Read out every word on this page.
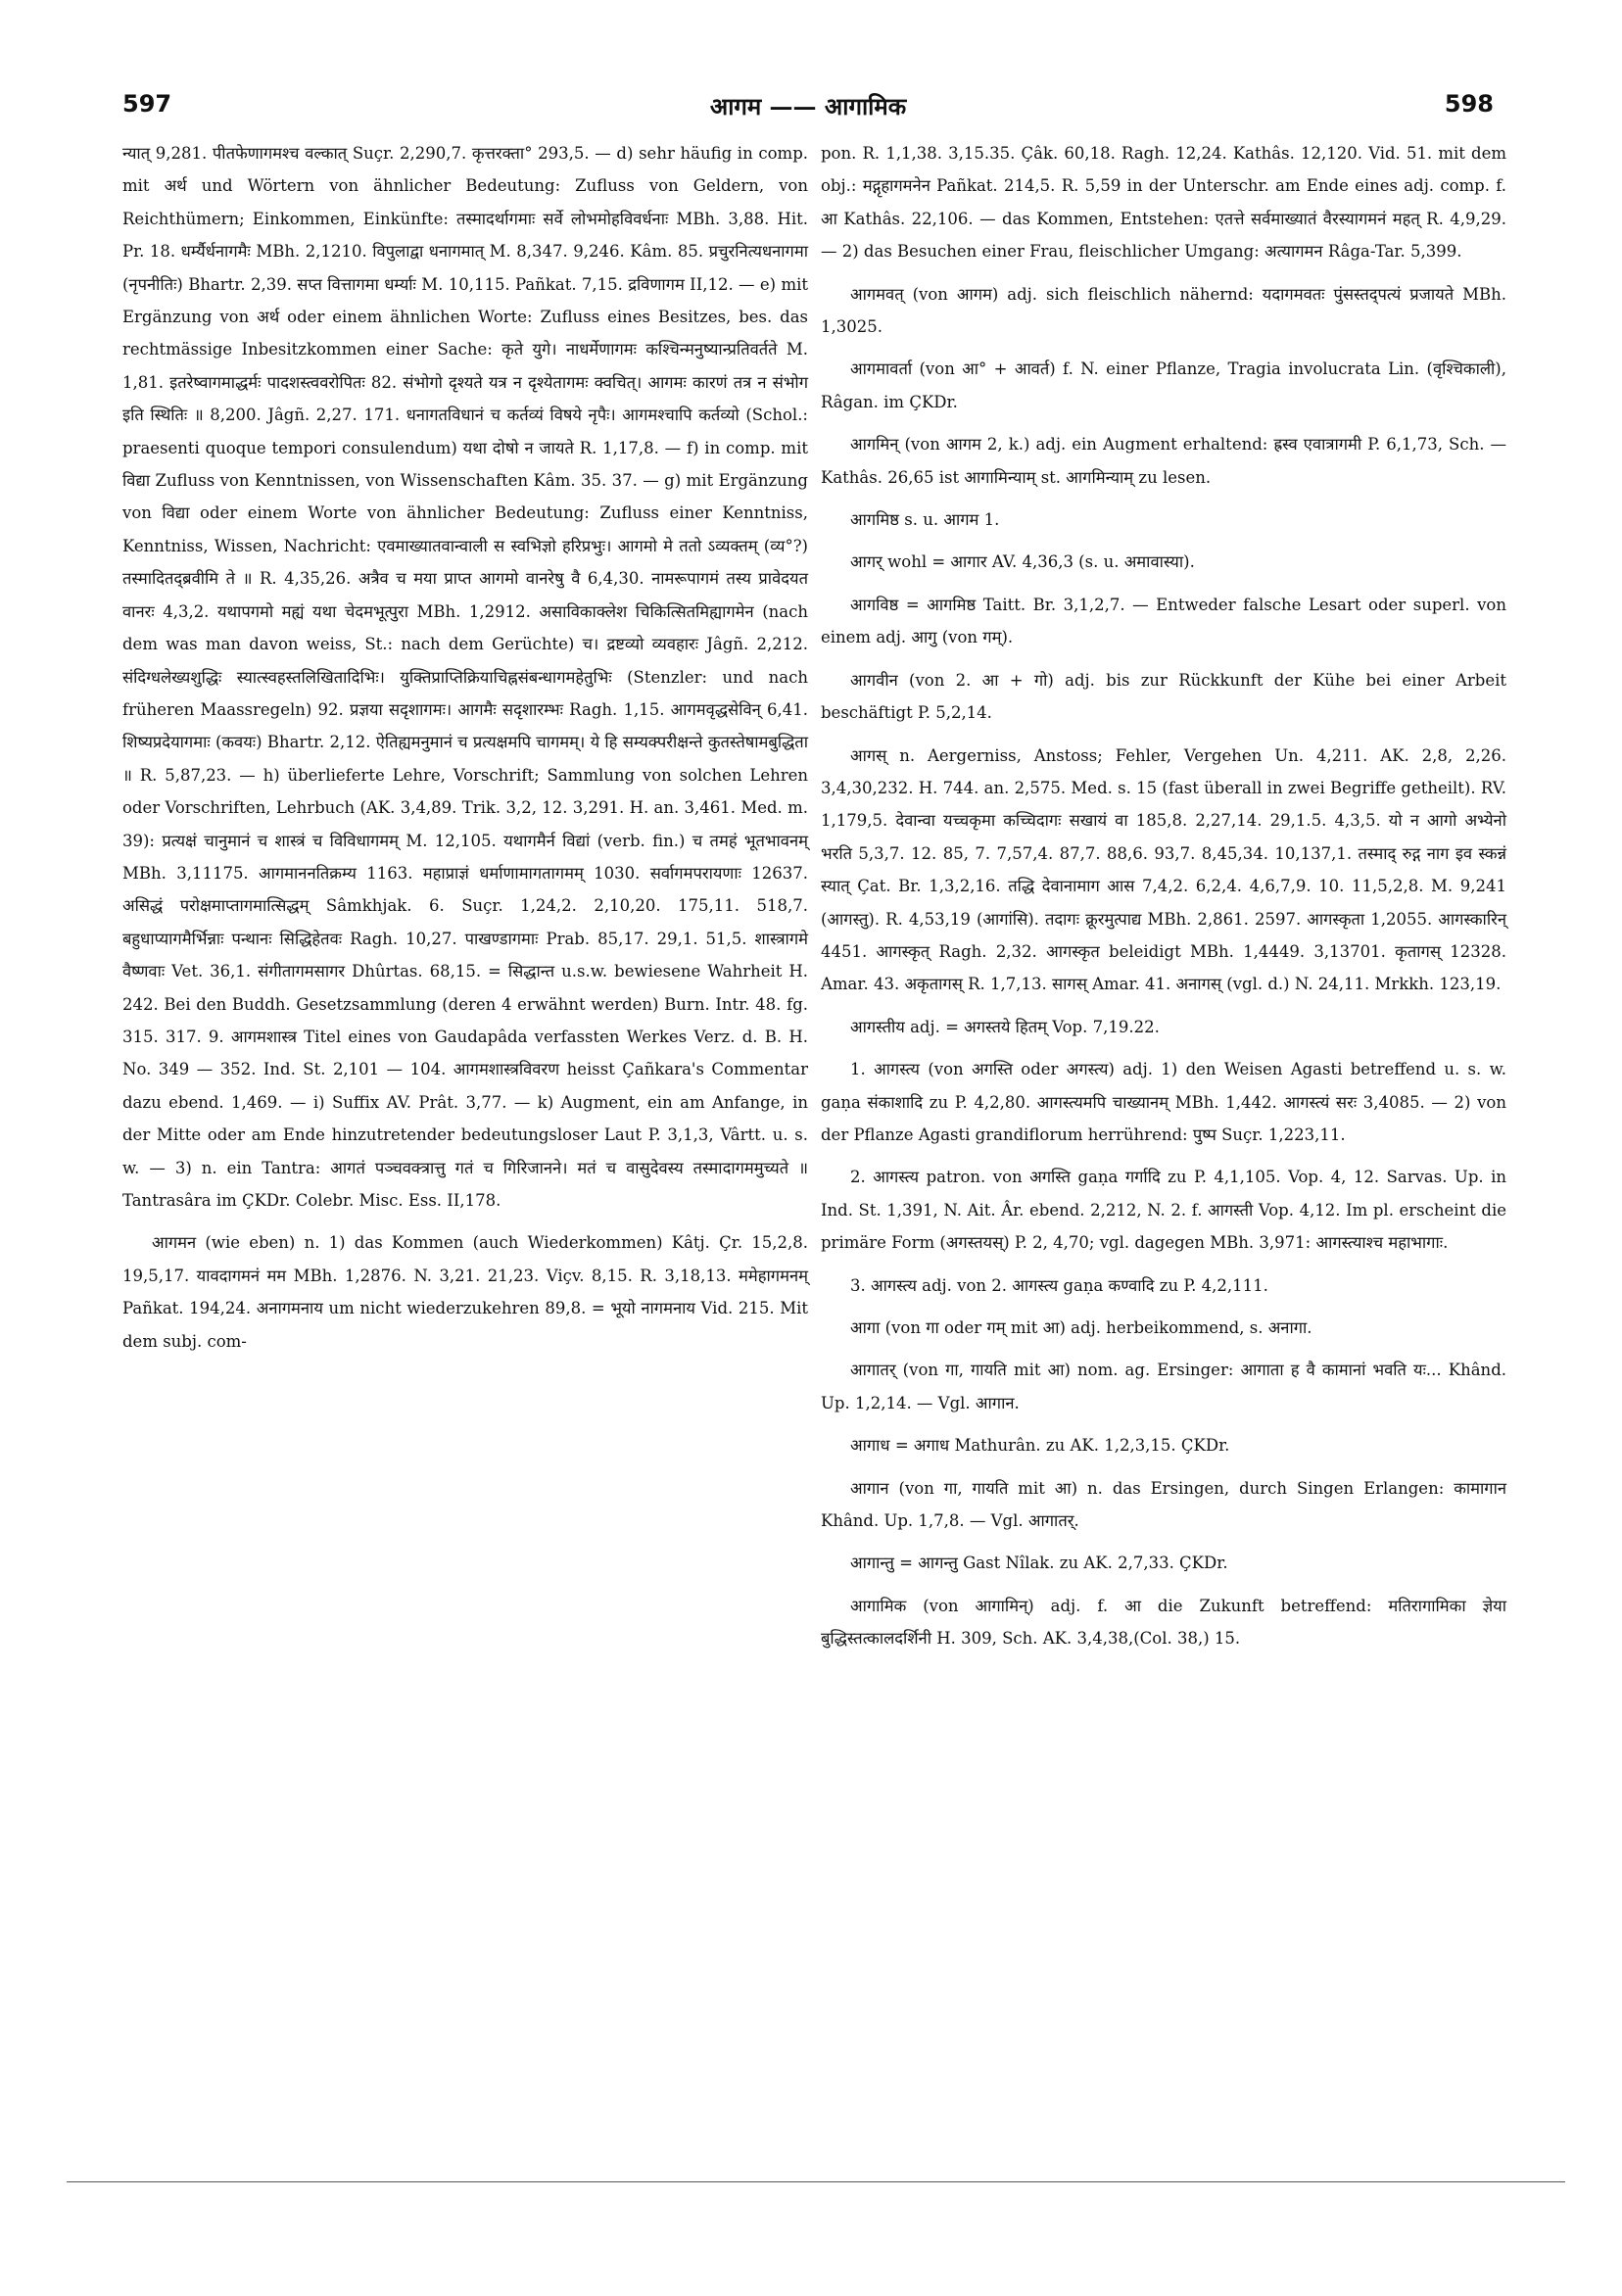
597	आगम —— आगामिक	598

न्यात् 9,281. पीतफेणागमश्च वल्कात् Suçr. 2,290,7. कृत्तरक्ता° 293,5. — d) sehr häufig in comp. mit अर्थ und Wörtern von ähnlicher Bedeutung: Zufluss von Geldern, von Reichthümern; Einkommen, Einkünfte: तस्मादर्थागमाः सर्वे लोभमोहविवर्धनाः MBh. 3,88. Hit. Pr. 18. धर्म्यैर्धनागमैः MBh. 2,1210. विपुलाद्वा धनागमात् M. 8,347. 9,246. Kâm. 85. प्रचुरनित्यधनागमा (नृपनीतिः) Bhartr. 2,39. सप्त वित्तागमा धर्म्याः M. 10,115. Pañkat. 7,15. द्रविणागम II,12. — e) mit Ergänzung von अर्थ oder einem ähnlichen Worte: Zufluss eines Besitzes, bes. das rechtmässige Inbesitzkommen einer Sache: कृते युगे। नाधर्मेणागमः कश्चिन्मनुष्यान्प्रतिवर्तते M. 1,81. इतरेष्वागमाद्धर्मः पादशस्त्ववरोपितः 82. संभोगो दृश्यते यत्र न दृश्येतागमः क्वचित्। आगमः कारणं तत्र न संभोग इति स्थितिः ॥ 8,200. Jâgñ. 2,27. 171. धनागतविधानं च कर्तव्यं विषये नृपैः। आगमश्चापि कर्तव्यो (Schol.: praesenti quoque tempori consulendum) यथा दोषो न जायते R. 1,17,8. — f) in comp. mit विद्या Zufluss von Kenntnissen, von Wissenschaften Kâm. 35. 37. — g) mit Ergänzung von विद्या oder einem Worte von ähnlicher Bedeutung: Zufluss einer Kenntniss, Kenntniss, Wissen, Nachricht: एवमाख्यातवान्वाली स स्वभिज्ञो हरिप्रभुः। आगमो मे ततो ऽव्यक्तम् (व्य°?) तस्मादितद्ब्रवीमि ते ॥ R. 4,35,26. अत्रैव च मया प्राप्त आगमो वानरेषु वै 6,4,30. नामरूपागमं तस्य प्रावेदयत वानरः 4,3,2. यथापगमो मह्यं यथा चेदमभूत्पुरा MBh. 1,2912. असाविकाक्लेश चिकित्सितमिह्यागमेन (nach dem was man davon weiss, St.: nach dem Gerüchte) च। द्रष्टव्यो व्यवहारः Jâgñ. 2,212. संदिग्धलेख्यशुद्धिः स्यात्स्वहस्तलिखितादिभिः। युक्तिप्राप्तिक्रियाचिह्नसंबन्धागमहेतुभिः (Stenzler: und nach früheren Maassregeln) 92. प्रज्ञया सदृशागमः। आगमैः सदृशारम्भः Ragh. 1,15. आगमवृद्धसेविन् 6,41. शिष्यप्रदेयागमाः (कवयः) Bhartr. 2,12. ऐतिह्यमनुमानं च प्रत्यक्षमपि चागमम्। ये हि सम्यक्परीक्षन्ते कुतस्तेषामबुद्धिता ॥ R. 5,87,23. — h) überlieferte Lehre, Vorschrift; Sammlung von solchen Lehren oder Vorschriften, Lehrbuch (AK. 3,4,89. Trik. 3,2, 12. 3,291. H. an. 3,461. Med. m. 39): प्रत्यक्षं चानुमानं च शास्त्रं च विविधागमम् M. 12,105. यथागमैर्न विद्यां (verb. fin.) च तमहं भूतभावनम् MBh. 3,11175. आगमाननतिक्रम्य 1163. महाप्राज्ञं धर्माणामागतागमम् 1030. सर्वागमपरायणाः 12637. असिद्धं परोक्षमाप्तागमात्सिद्धम् Sâmkhjak. 6. Suçr. 1,24,2. 2,10,20. 175,11. 518,7. बहुधाप्यागमैर्भिन्नाः पन्थानः सिद्धिहेतवः Ragh. 10,27. पाखण्डागमाः Prab. 85,17. 29,1. 51,5. शास्त्रागमे वैष्णवाः Vet. 36,1. संगीतागमसागर Dhûrtas. 68,15. = सिद्धान्त u.s.w. bewiesene Wahrheit H. 242. Bei den Buddh. Gesetzsammlung (deren 4 erwähnt werden) Burn. Intr. 48. fg. 315. 317. 9. आगमशास्त्र Titel eines von Gaudapâda verfassten Werkes Verz. d. B. H. No. 349 — 352. Ind. St. 2,101 — 104. आगमशास्त्रविवरण heisst Çañkara's Commentar dazu ebend. 1,469. — i) Suffix AV. Prât. 3,77. — k) Augment, ein am Anfange, in der Mitte oder am Ende hinzutretender bedeutungsloser Laut P. 3,1,3, Vârtt. u. s. w. — 3) n. ein Tantra: आगतं पञ्चवक्त्रात्तु गतं च गिरिजानने। मतं च वासुदेवस्य तस्मादागममुच्यते ॥ Tantrasâra im ÇKDr. Colebr. Misc. Ess. II,178.

आगमन (wie eben) n. 1) das Kommen (auch Wiederkommen) Kâtj. Çr. 15,2,8. 19,5,17. यावदागमनं मम MBh. 1,2876. N. 3,21. 21,23. Viçv. 8,15. R. 3,18,13. ममेहागमनम् Pañkat. 194,24. अनागमनाय um nicht wiederzukehren 89,8. = भूयो नागमनाय Vid. 215. Mit dem subj. com-

pon. R. 1,1,38. 3,15.35. Çâk. 60,18. Ragh. 12,24. Kathâs. 12,120. Vid. 51. mit dem obj.: मद्गृहागमनेन Pañkat. 214,5. R. 5,59 in der Unterschr. am Ende eines adj. comp. f. आ Kathâs. 22,106. — das Kommen, Entstehen: एतत्ते सर्वमाख्यातं वैरस्यागमनं महत् R. 4,9,29. — 2) das Besuchen einer Frau, fleischlicher Umgang: अत्यागमन Râga-Tar. 5,399.

आगमवत् (von आगम) adj. sich fleischlich nähernd: यदागमवतः पुंसस्तद्पत्यं प्रजायते MBh. 1,3025.

आगमावर्ता (von आ° + आवर्त) f. N. einer Pflanze, Tragia involucrata Lin. (वृश्चिकाली), Râgan. im ÇKDr.

आगमिन् (von आगम 2, k.) adj. ein Augment erhaltend: ह्रस्व एवात्रागमी P. 6,1,73, Sch. — Kathâs. 26,65 ist आगामिन्याम् st. आगमिन्याम् zu lesen.

आगमिष्ठ s. u. आगम 1.

आगर् wohl = आगार AV. 4,36,3 (s. u. अमावास्या).

आगविष्ठ = आगमिष्ठ Taitt. Br. 3,1,2,7. — Entweder falsche Lesart oder superl. von einem adj. आगु (von गम्).

आगवीन (von 2. आ + गो) adj. bis zur Rückkunft der Kühe bei einer Arbeit beschäftigt P. 5,2,14.

आगस् n. Aergerniss, Anstoss; Fehler, Vergehen Un. 4,211. AK. 2,8, 2,26. 3,4,30,232. H. 744. an. 2,575. Med. s. 15 (fast überall in zwei Begriffe getheilt). RV. 1,179,5. देवान्वा यच्चकृमा कच्चिदागः सखायं वा 185,8. 2,27,14. 29,1.5. 4,3,5. यो न आगो अभ्येनो भरति 5,3,7. 12. 85, 7. 7,57,4. 87,7. 88,6. 93,7. 8,45,34. 10,137,1. तस्माद् रुद्ग नाग इव स्कन्नं स्यात् Çat. Br. 1,3,2,16. तद्धि देवानामाग आस 7,4,2. 6,2,4. 4,6,7,9. 10. 11,5,2,8. M. 9,241 (आगस्तु). R. 4,53,19 (आगांसि). तदागः क्रूरमुत्पाद्य MBh. 2,861. 2597. आगस्कृता 1,2055. आगस्कारिन् 4451. आगस्कृत् Ragh. 2,32. आगस्कृत beleidigt MBh. 1,4449. 3,13701. कृतागस् 12328. Amar. 43. अकृतागस् R. 1,7,13. सागस् Amar. 41. अनागस् (vgl. d.) N. 24,11. Mrkkh. 123,19.

आगस्तीय adj. = अगस्तये हितम् Vop. 7,19.22.

1. आगस्त्य (von अगस्ति oder अगस्त्य) adj. 1) den Weisen Agasti betreffend u. s. w. gaṇa संकाशादि zu P. 4,2,80. आगस्त्यमपि चाख्यानम् MBh. 1,442. आगस्त्यं सरः 3,4085. — 2) von der Pflanze Agasti grandiflorum herrührend: पुष्प Suçr. 1,223,11.

2. आगस्त्य patron. von अगस्ति gaṇa गर्गादि zu P. 4,1,105. Vop. 4, 12. Sarvas. Up. in Ind. St. 1,391, N. Ait. Âr. ebend. 2,212, N. 2. f. आगस्ती Vop. 4,12. Im pl. erscheint die primäre Form (अगस्तयस्) P. 2, 4,70; vgl. dagegen MBh. 3,971: आगस्त्याश्च महाभागाः.

3. आगस्त्य adj. von 2. आगस्त्य gaṇa कण्वादि zu P. 4,2,111.

आगा (von गा oder गम् mit आ) adj. herbeikommend, s. अनागा.

आगातर् (von गा, गायति mit आ) nom. ag. Ersinger: आगाता ह वै कामानां भवति यः... Khând. Up. 1,2,14. — Vgl. आगान.

आगाध = अगाध Mathurân. zu AK. 1,2,3,15. ÇKDr.

आगान (von गा, गायति mit आ) n. das Ersingen, durch Singen Erlangen: कामागान Khând. Up. 1,7,8. — Vgl. आगातर्.

आगान्तु = आगन्तु Gast Nîlak. zu AK. 2,7,33. ÇKDr.

आगामिक (von आगामिन्) adj. f. आ die Zukunft betreffend: मतिरागामिका ज्ञेया बुद्धिस्तत्कालदर्शिनी H. 309, Sch. AK. 3,4,38,(Col. 38,) 15.
